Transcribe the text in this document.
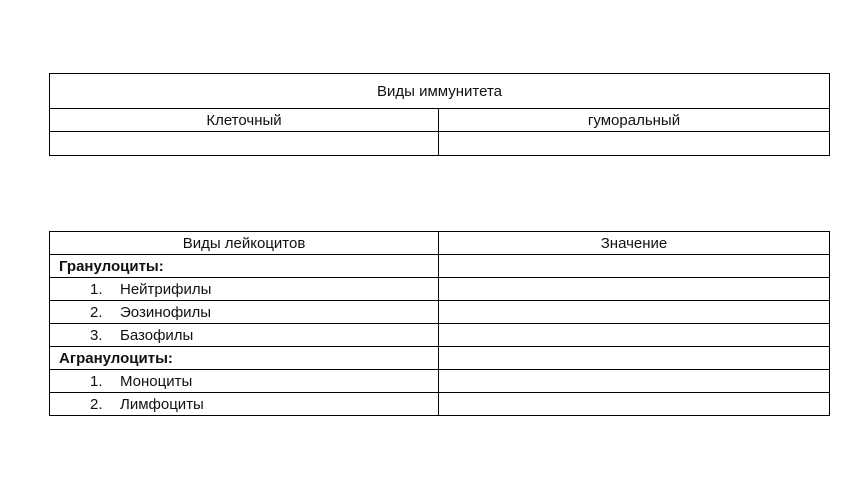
Виды иммунитета	
Клеточный	гуморальный

Виды лейкоцитов	Значение
Гранулоциты:	
1. Нейтрифилы	
2. Эозинофилы	
3. Базофилы	
Агранулоциты:	
1. Моноциты	
2. Лимфоциты	
